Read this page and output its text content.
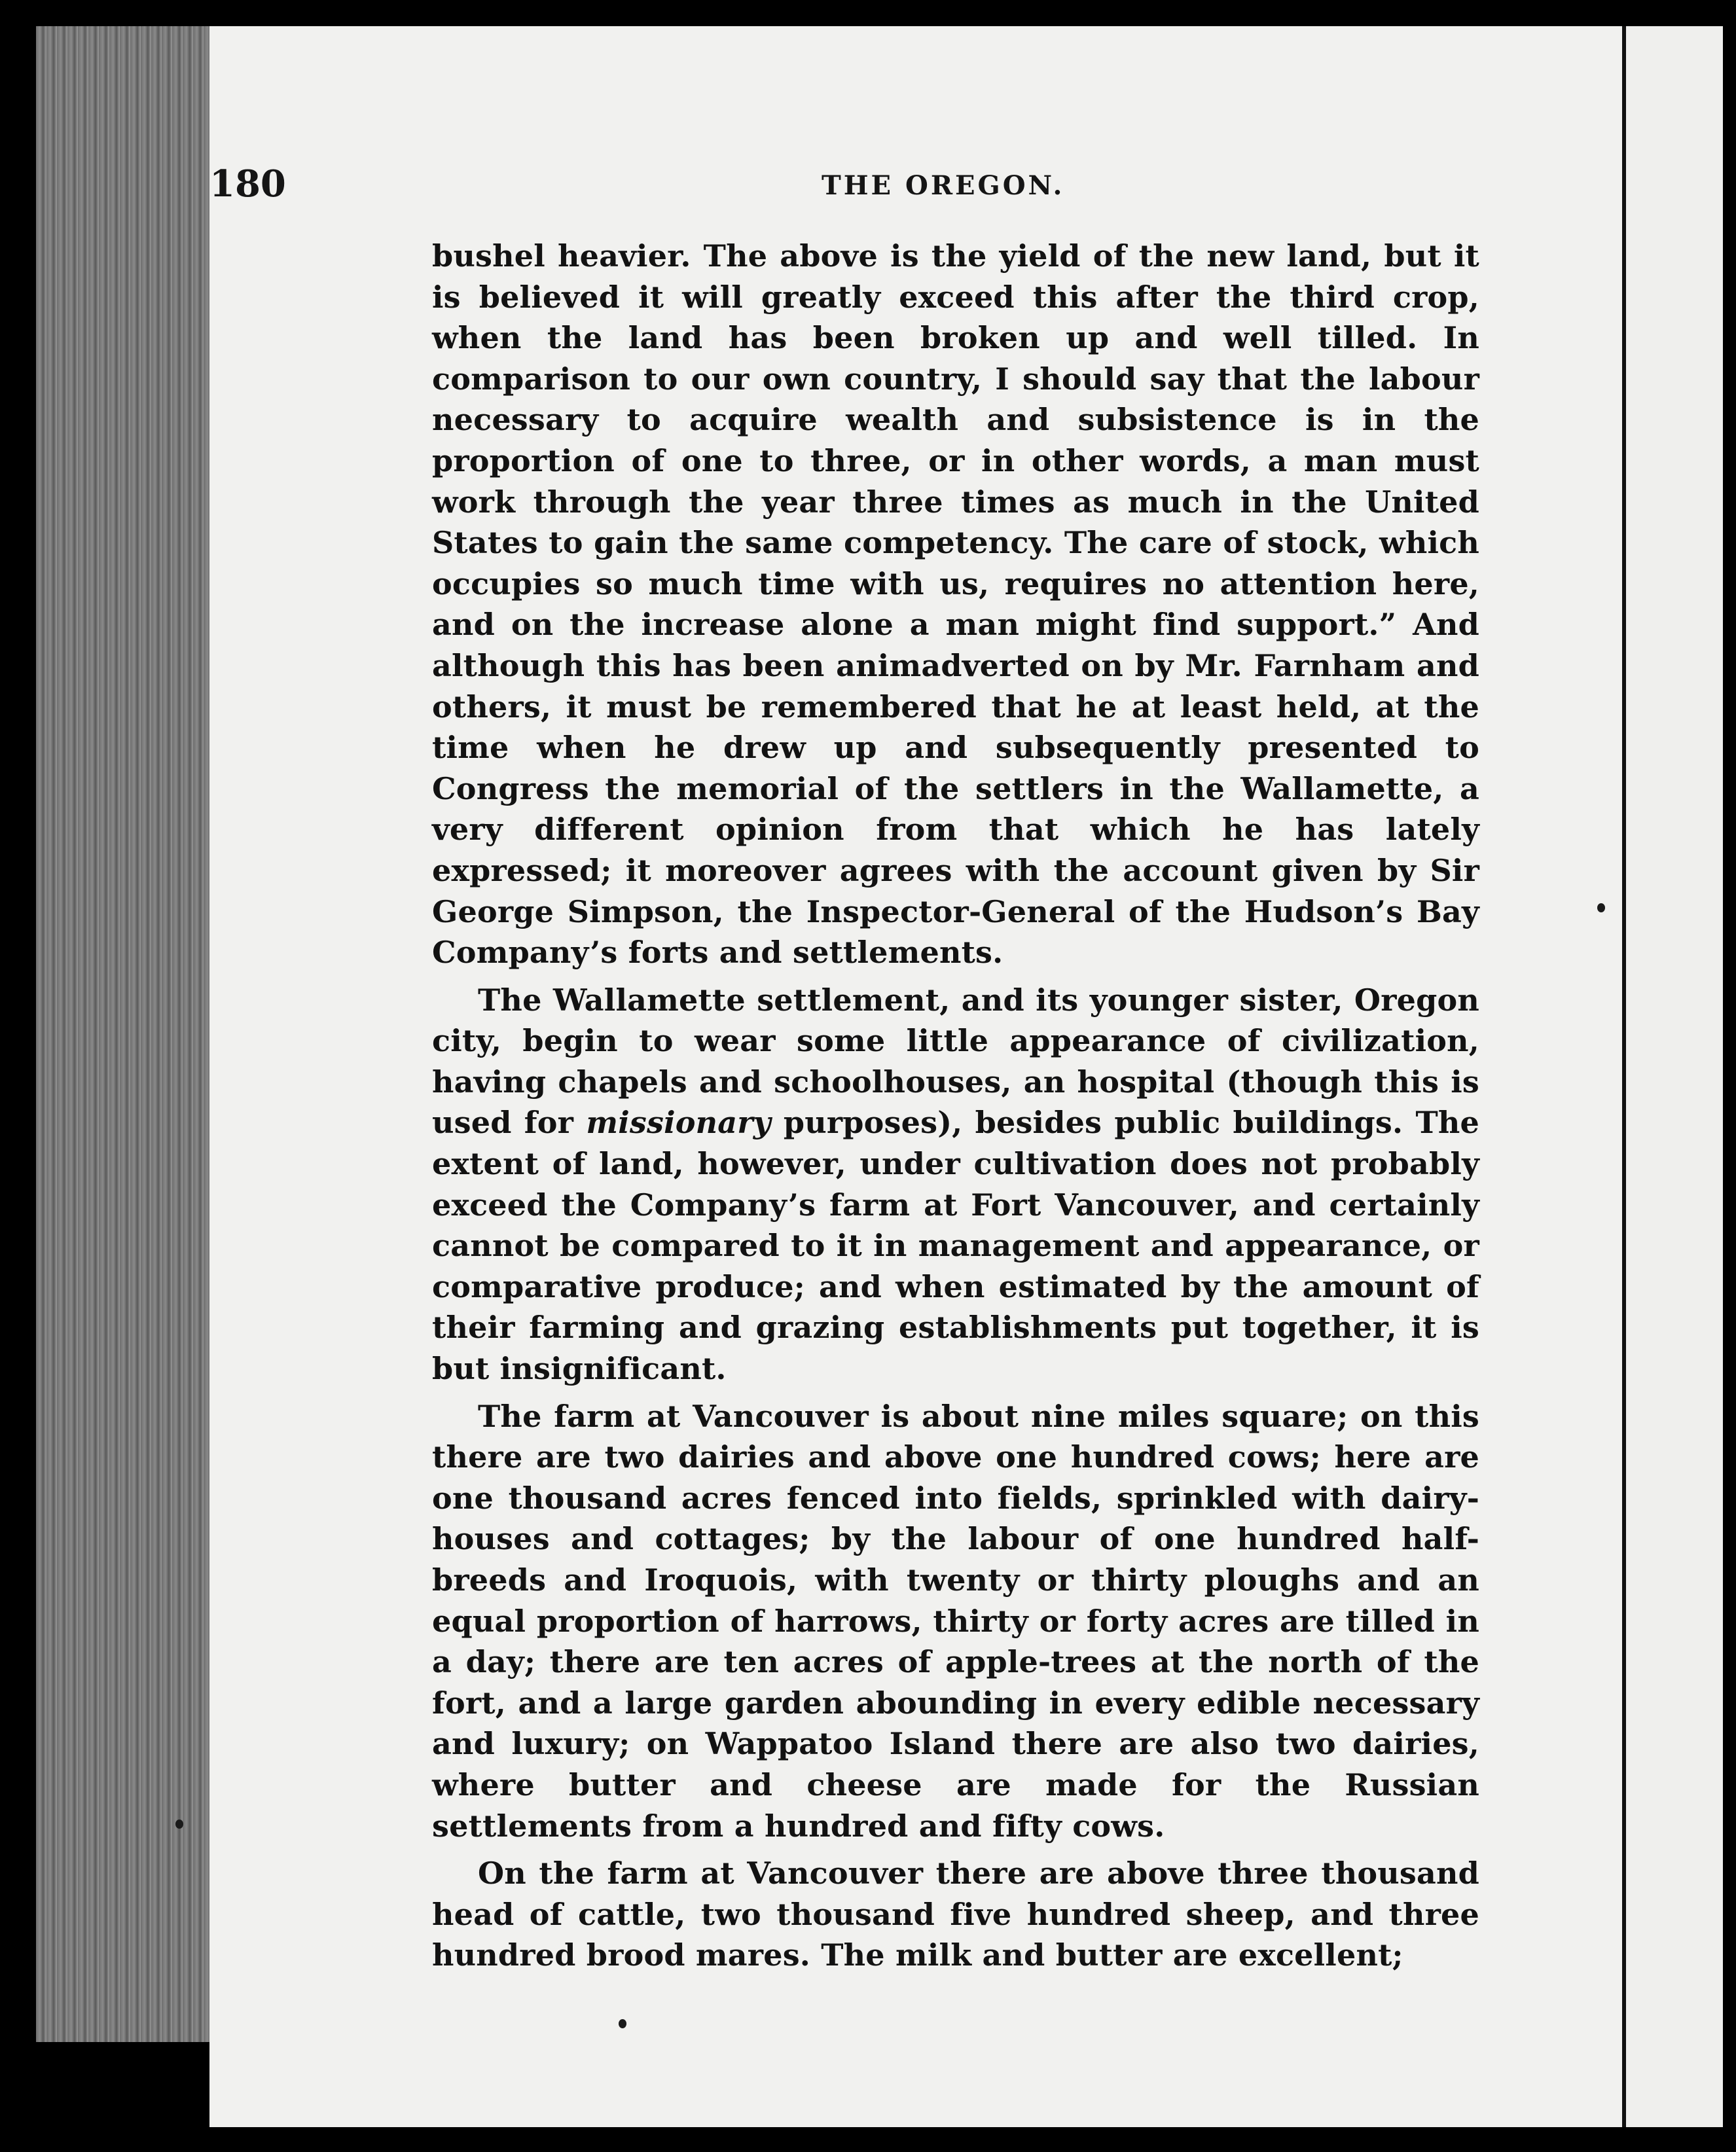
180	THE OREGON.

bushel heavier. The above is the yield of the new land, but it is believed it will greatly exceed this after the third crop, when the land has been broken up and well tilled. In comparison to our own country, I should say that the labour necessary to acquire wealth and subsistence is in the proportion of one to three, or in other words, a man must work through the year three times as much in the United States to gain the same competency. The care of stock, which occupies so much time with us, requires no attention here, and on the increase alone a man might find support.” And although this has been animadverted on by Mr. Farnham and others, it must be remembered that he at least held, at the time when he drew up and subsequently presented to Congress the memorial of the settlers in the Wallamette, a very different opinion from that which he has lately expressed; it moreover agrees with the account given by Sir George Simpson, the Inspector-General of the Hudson’s Bay Company’s forts and settlements.

The Wallamette settlement, and its younger sister, Oregon city, begin to wear some little appearance of civilization, having chapels and schoolhouses, an hospital (though this is used for missionary purposes), besides public buildings. The extent of land, however, under cultivation does not probably exceed the Company’s farm at Fort Vancouver, and certainly cannot be compared to it in management and appearance, or comparative produce; and when estimated by the amount of their farming and grazing establishments put together, it is but insignificant.

The farm at Vancouver is about nine miles square; on this there are two dairies and above one hundred cows; here are one thousand acres fenced into fields, sprinkled with dairy-houses and cottages; by the labour of one hundred half-breeds and Iroquois, with twenty or thirty ploughs and an equal proportion of harrows, thirty or forty acres are tilled in a day; there are ten acres of apple-trees at the north of the fort, and a large garden abounding in every edible necessary and luxury; on Wappatoo Island there are also two dairies, where butter and cheese are made for the Russian settlements from a hundred and fifty cows.

On the farm at Vancouver there are above three thousand head of cattle, two thousand five hundred sheep, and three hundred brood mares. The milk and butter are excellent;
